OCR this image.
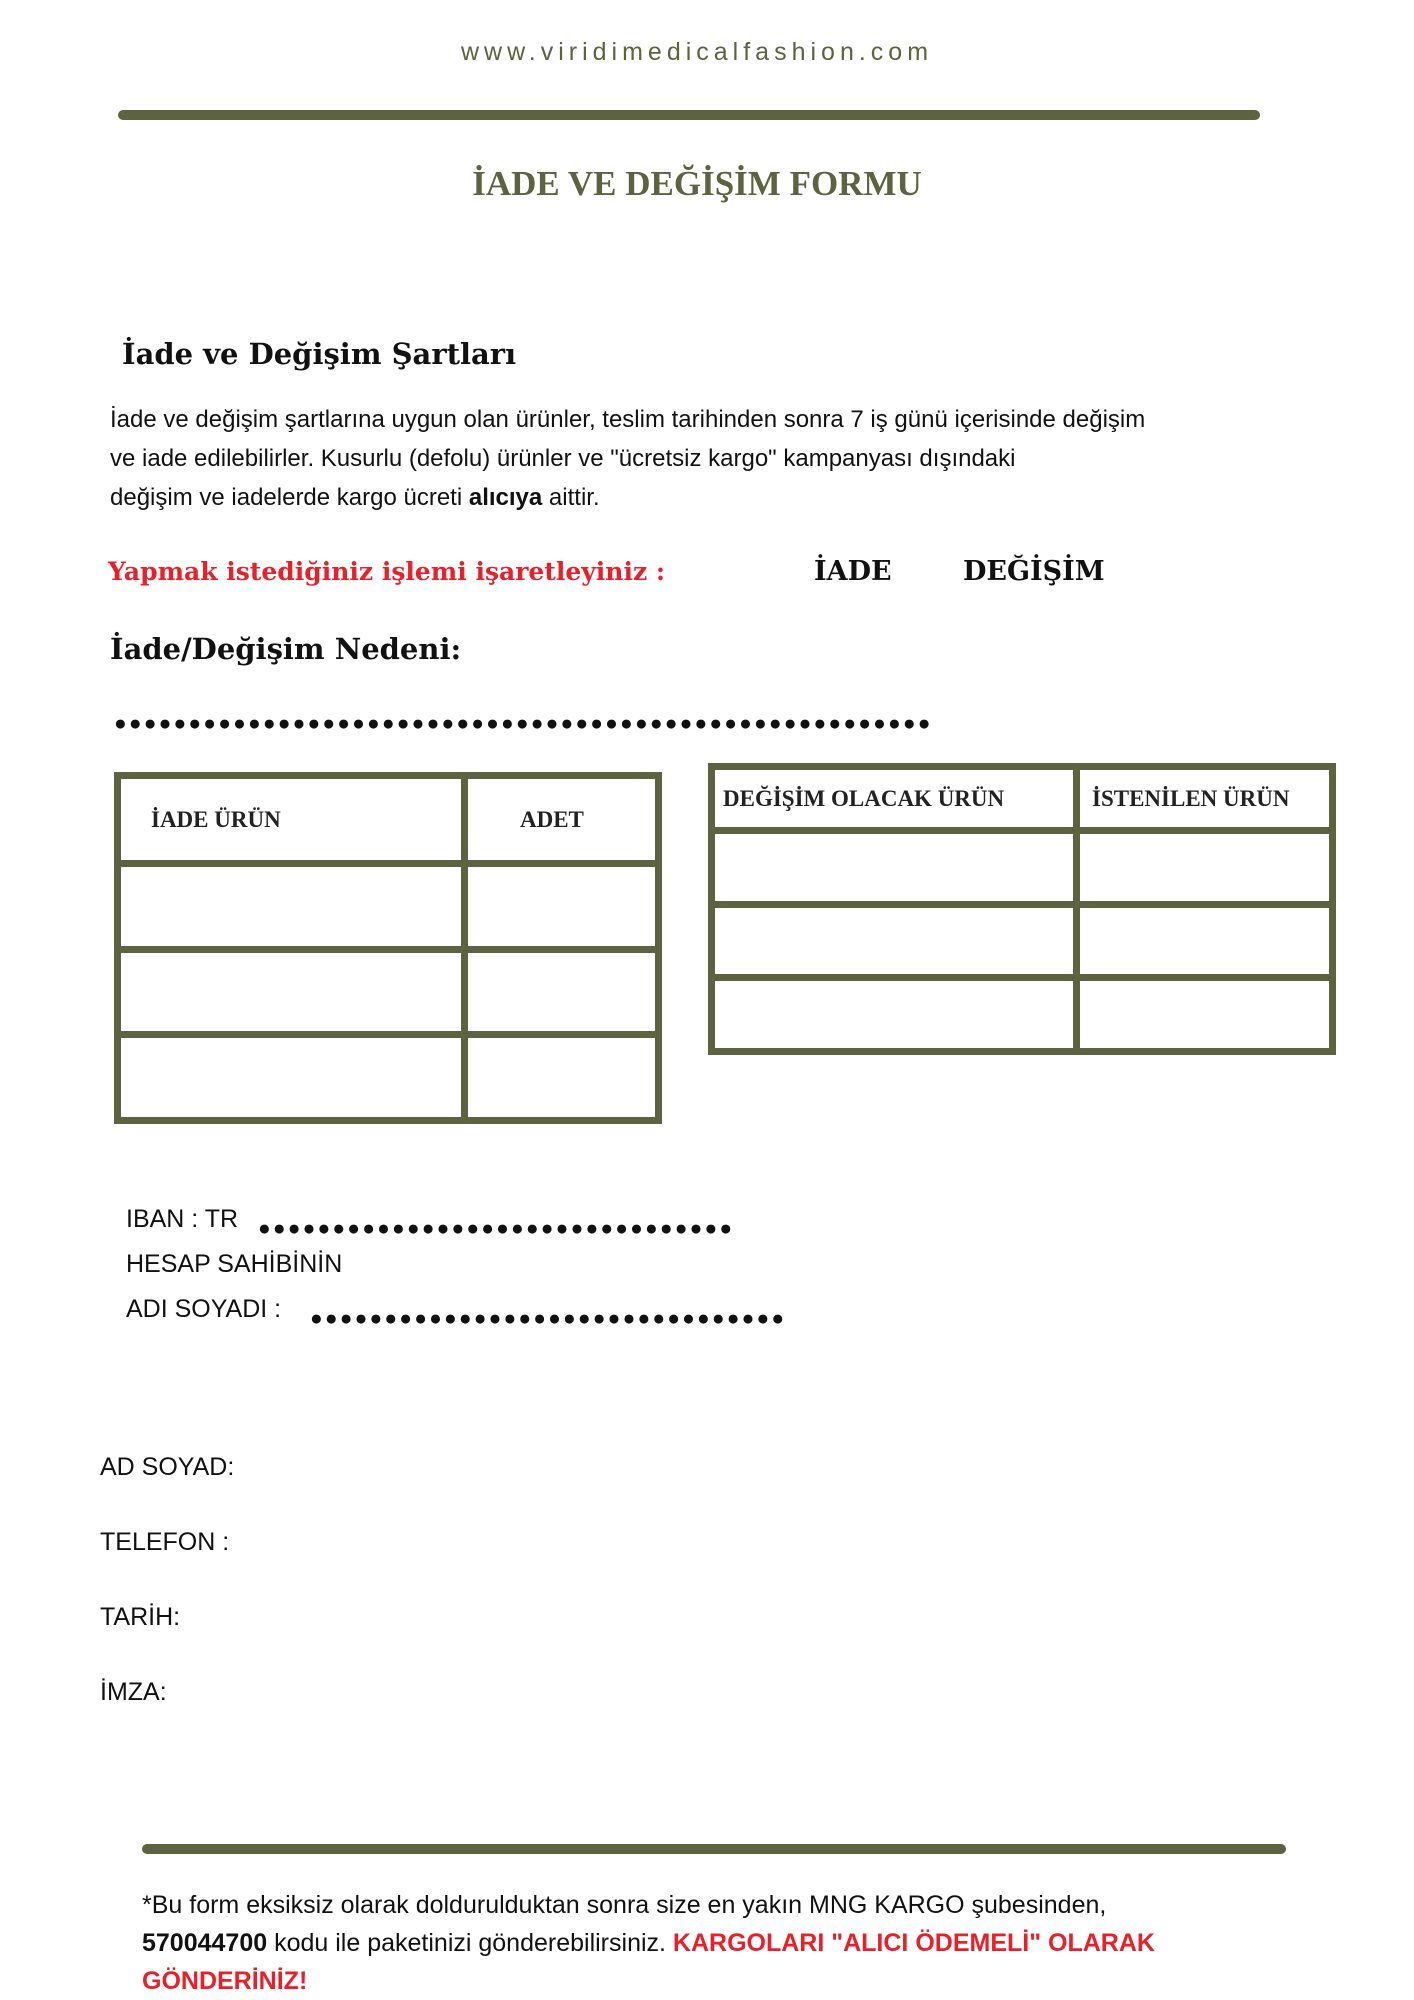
www.viridimedicalfashion.com
İADE VE DEĞİŞİM FORMU
İade ve Değişim Şartları
İade ve değişim şartlarına uygun olan ürünler, teslim tarihinden sonra 7 iş günü içerisinde değişim
ve iade edilebilirler. Kusurlu (defolu) ürünler ve "ücretsiz kargo" kampanyası dışındaki
değişim ve iadelerde kargo ücreti alıcıya aittir.
Yapmak istediğiniz işlemi işaretleyiniz :	İADE	DEĞİŞİM
İade/Değişim Nedeni:
●●●●●●●●●●●●●●●●●●●●●●●●●●●●●●●●●●●●●●●●●●●●●●●●●●●●●●●
İADE ÜRÜN	ADET

DEĞİŞİM OLACAK ÜRÜN	İSTENİLEN ÜRÜN

IBAN : TR ●●●●●●●●●●●●●●●●●●●●●●●●●●●●●●●●
HESAP SAHİBİNİN
ADI SOYADI : ●●●●●●●●●●●●●●●●●●●●●●●●●●●●●●●●
AD SOYAD:
TELEFON :
TARİH:
İMZA:
*Bu form eksiksiz olarak doldurulduktan sonra size en yakın MNG KARGO şubesinden,
570044700 kodu ile paketinizi gönderebilirsiniz. KARGOLARI "ALICI ÖDEMELİ" OLARAK
GÖNDERİNİZ!
